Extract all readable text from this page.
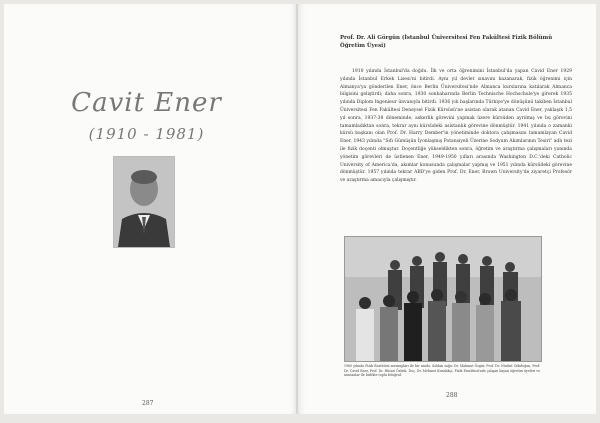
Cavit Ener
(1910 - 1981)
287
Prof. Dr. Ali Görgün (İstanbul Üniversitesi Fen Fakültesi Fizik Bölümü Öğretim Üyesi)

1910 yılında İstanbul'da doğdu. İlk ve orta öğrenimini İstanbul'da yapan Cavid Ener 1929 yılında İstanbul Erkek Lisesi'ni bitirdi. Aynı yıl devlet sınavını kazanarak, fizik öğrenimi için Almanya'ya gönderilen Ener, önce Berlin Üniversitesi'nde Almanca kurslarına katılarak Almanca bilgisini geliştirdi; daha sonra, 1930 sonbaharında Berlin Technische Hochschule'ye girerek 1935 yılında Diplom Ingenieur ünvanıyla bitirdi. 1936 yılı başlarında Türkiye'ye dönüşünü takiben İstanbul Üniversitesi Fen Fakültesi Deneysel Fizik Kürsüsü'ne asistan olarak atanan Cavid Ener, yaklaşık 1,5 yıl sonra, 1937-38 döneminde, askerlik görevini yapmak üzere kürsüden ayrılmış ve bu görevini tamamladıktan sonra, tekrar aynı kürsüdeki asistanlık görevine dönmüştür. 1941 yılında o zamanki kürsü başkanı olan Prof. Dr. Harry Dember'in yönetiminde doktora çalışmasını tamamlayan Cavid Ener, 1943 yılında "Sıfı Gümüşün İyonlaşmış Potansiyeli Üzerine Sodyum Akımlarının Tesiri" adlı tezi ile fizik doçenti olmuştur. Doçentliğe yükseldikten sonra, öğretim ve araştırma çalışmaları yanında yönetim görevleri de üstlenen Ener, 1949-1950 yılları arasında Washington D.C.'deki Catholic University of America'da, akımlar konusunda çalışmalar yapmış ve 1951 yılında kürsüdeki görevine dönmüştür. 1957 yılında tekrar ABD'ye giden Prof. Dr. Ener, Brown University'de ziyaretçi Profesör ve araştırma amacıyla çalışmıştır.

1960 yılında Fizik Enstitüsü mensupları ile bir arada. Soldan sağa: Dr. Mahmut Özgür, Prof. Dr. Nüzhet Gökdoğan, Prof. Dr. Cavid Ener, Prof. Dr. Hüsnü Özbek, Doç. Dr. Mehmet Kundakçı, Fizik Enstitüsü'nde çalışan bayan öğretim üyeleri ve asistanlar ile birlikte toplu fotoğraf.
288
